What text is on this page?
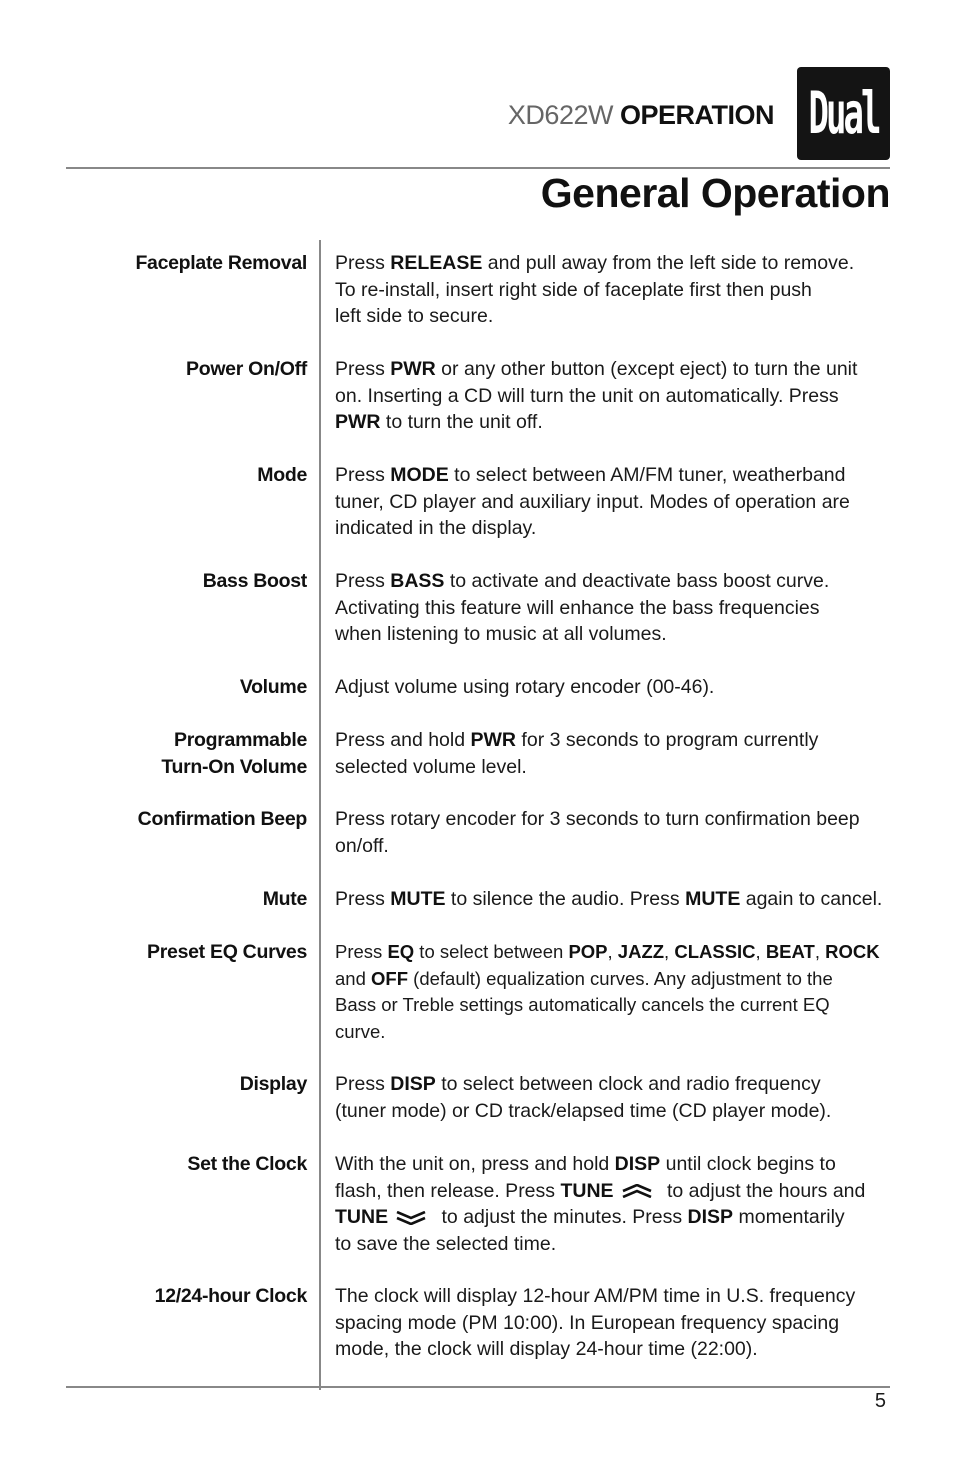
XD622W OPERATION	Dual
General Operation
Faceplate Removal Press RELEASE and pull away from the left side to remove.
To re-install, insert right side of faceplate first then push
left side to secure.
Power On/Off Press PWR or any other button (except eject) to turn the unit
on. Inserting a CD will turn the unit on automatically. Press
PWR to turn the unit off.
Mode Press MODE to select between AM/FM tuner, weatherband
tuner, CD player and auxiliary input. Modes of operation are
indicated in the display.
Bass Boost Press BASS to activate and deactivate bass boost curve.
Activating this feature will enhance the bass frequencies
when listening to music at all volumes.
Volume Adjust volume using rotary encoder (00-46).
Programmable
Turn-On Volume
Press and hold PWR for 3 seconds to program currently
selected volume level.
Confirmation Beep Press rotary encoder for 3 seconds to turn confirmation beep
on/off.
Mute Press MUTE to silence the audio. Press MUTE again to cancel.
Preset EQ Curves Press EQ to select between POP, JAZZ, CLASSIC, BEAT, ROCK
and OFF (default) equalization curves. Any adjustment to the
Bass or Treble settings automatically cancels the current EQ
curve.
Display Press DISP to select between clock and radio frequency
(tuner mode) or CD track/elapsed time (CD player mode).
Set the Clock With the unit on, press and hold DISP until clock begins to
flash, then release. Press TUNE to adjust the hours and
TUNE to adjust the minutes. Press DISP momentarily
to save the selected time.
12/24-hour Clock The clock will display 12-hour AM/PM time in U.S. frequency
spacing mode (PM 10:00). In European frequency spacing
mode, the clock will display 24-hour time (22:00).
5
